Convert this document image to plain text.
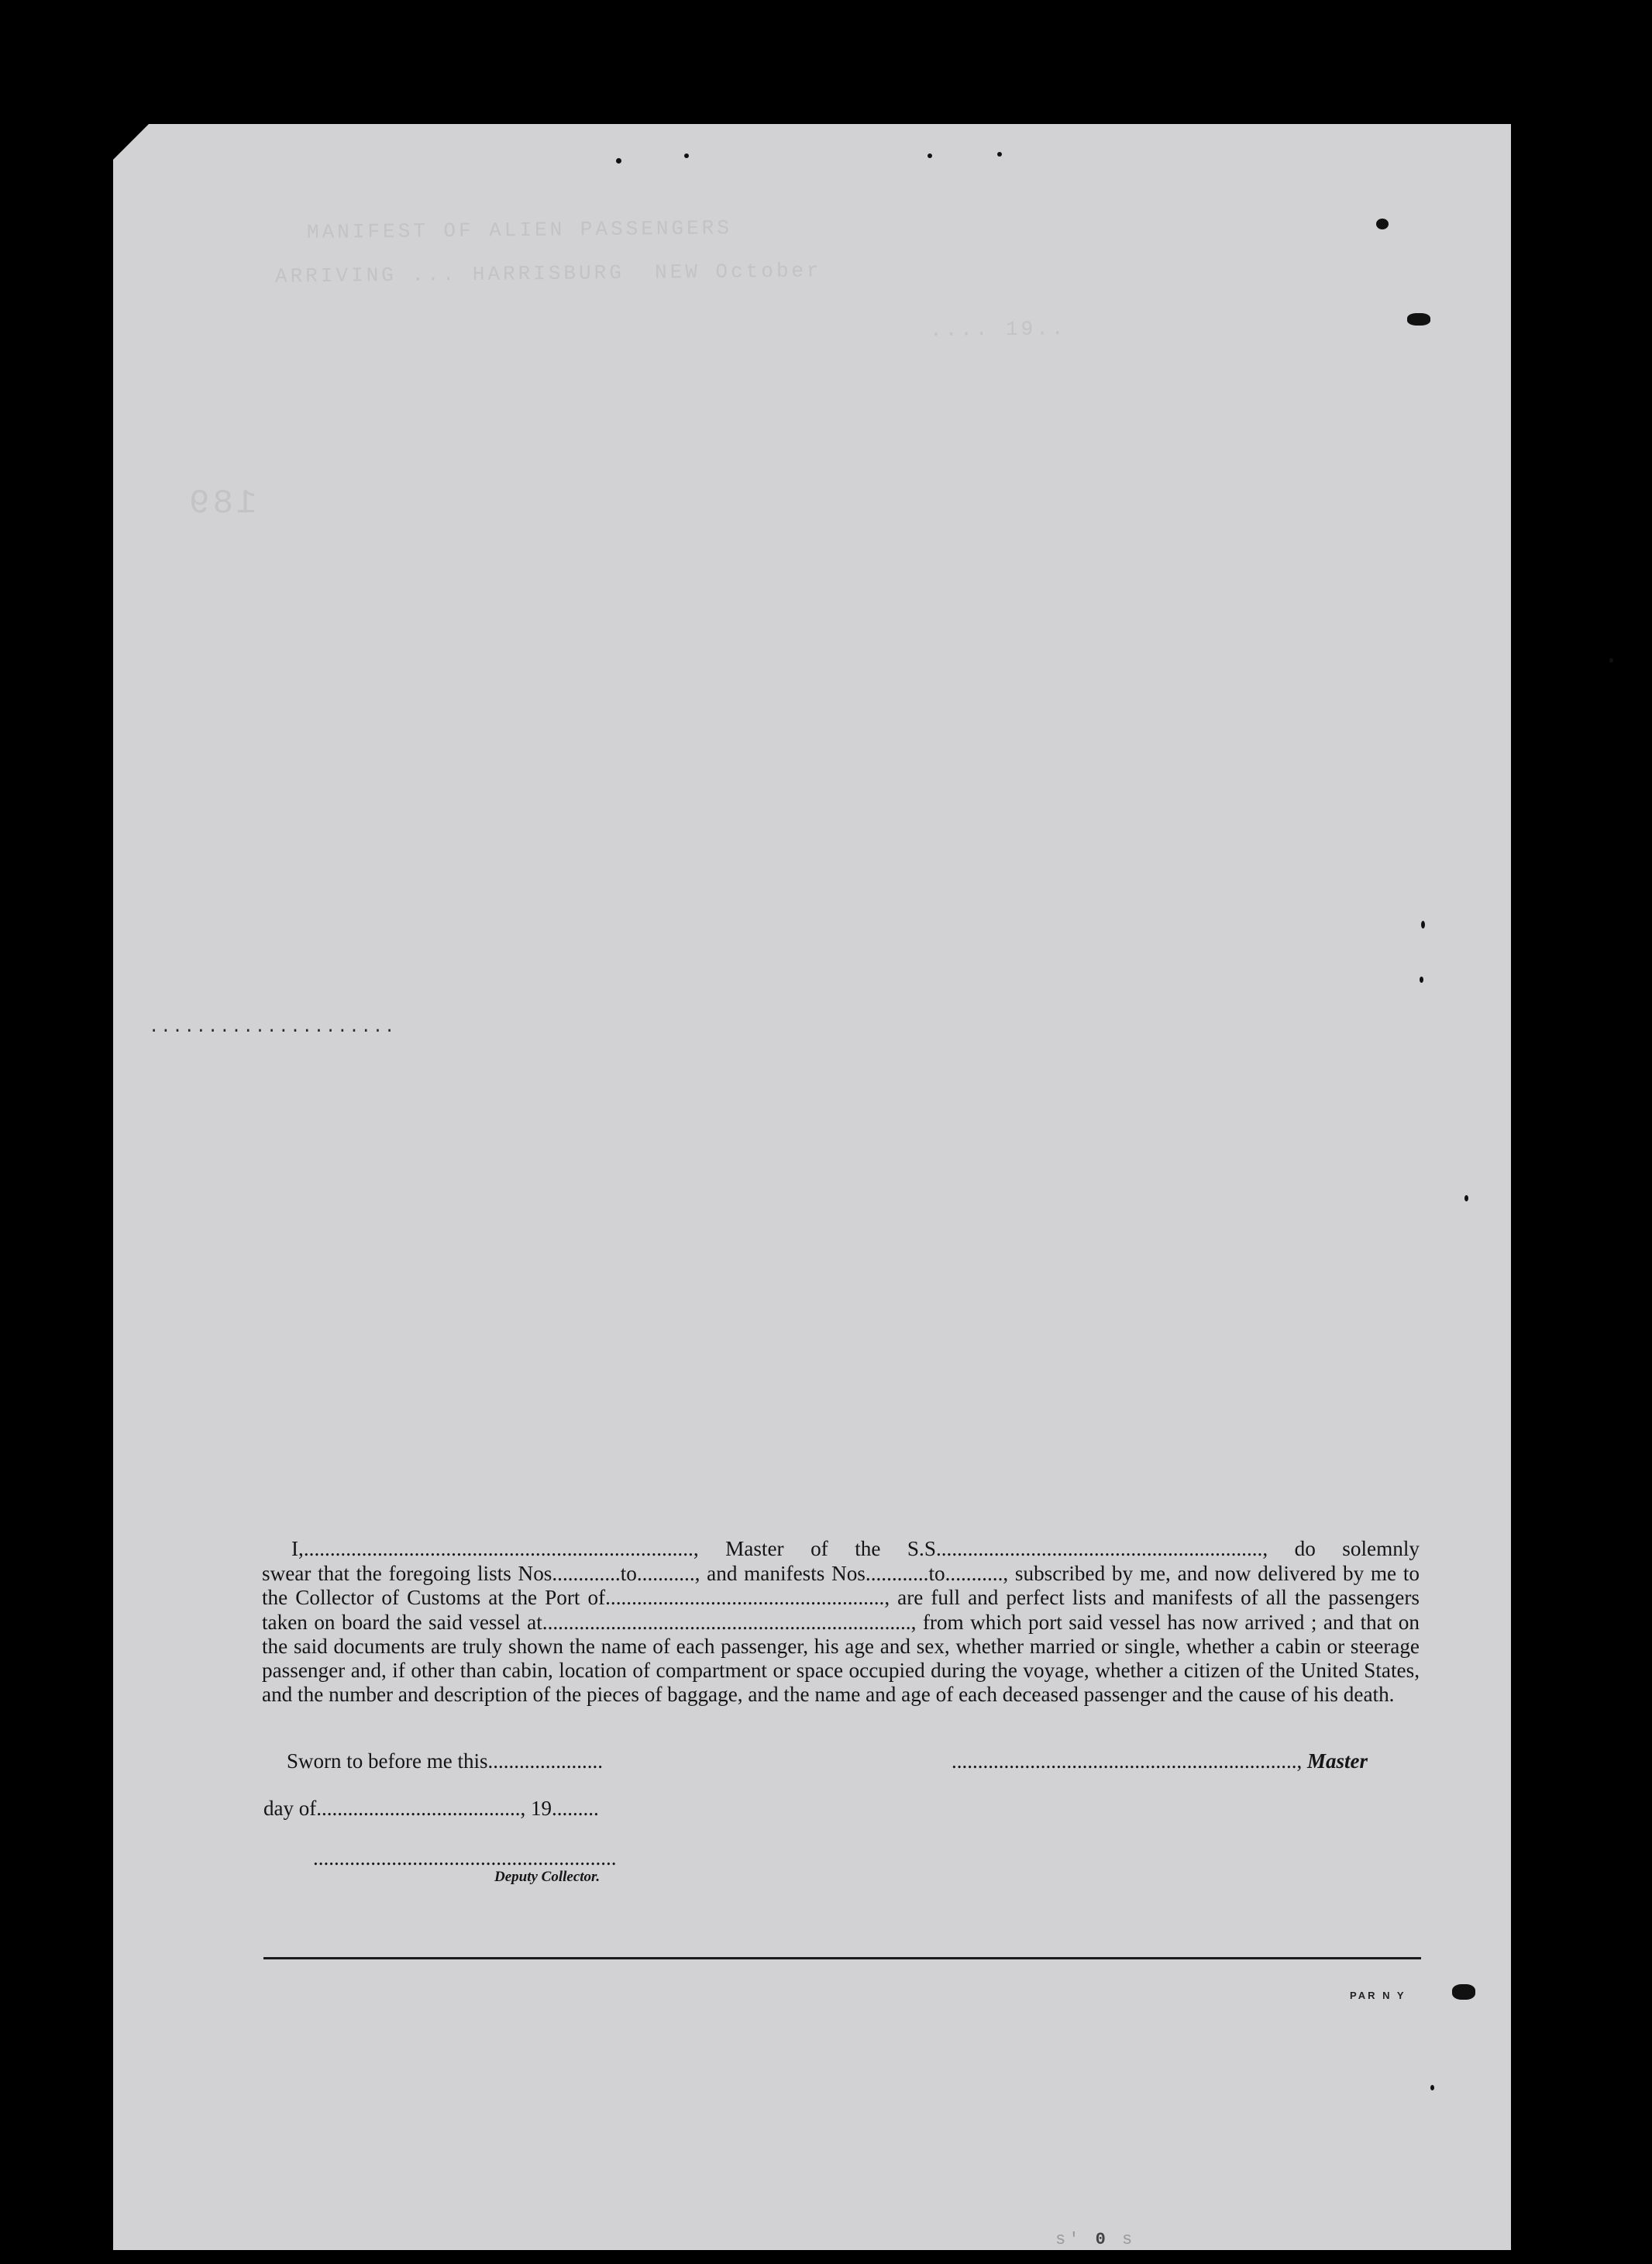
MANIFEST OF ALIEN PASSENGERS
ARRIVING ... HARRISBURG  NEW October
.... 19..
189
.....................

I,.........................................................................., Master of the S.S.............................................................., do solemnly

swear that the foregoing lists Nos.............to..........., and manifests Nos............to..........., subscribed by me, and now delivered by me to the Collector of Customs at the Port of....................................................., are full and perfect lists and manifests of all the passengers taken on board the said vessel at......................................................................, from which port said vessel has now arrived ; and that on the said documents are truly shown the name of each passenger, his age and sex, whether married or single, whether a cabin or steerage passenger and, if other than cabin, location of compartment or space occupied during the voyage, whether a citizen of the United States, and the number and description of the pieces of baggage, and the name and age of each deceased passenger and the cause of his death.

Sworn to before me this......................	.................................................................., Master
day of......................................., 19.........
..........................................................
Deputy Collector.
PAR N Y
s' 0 s
